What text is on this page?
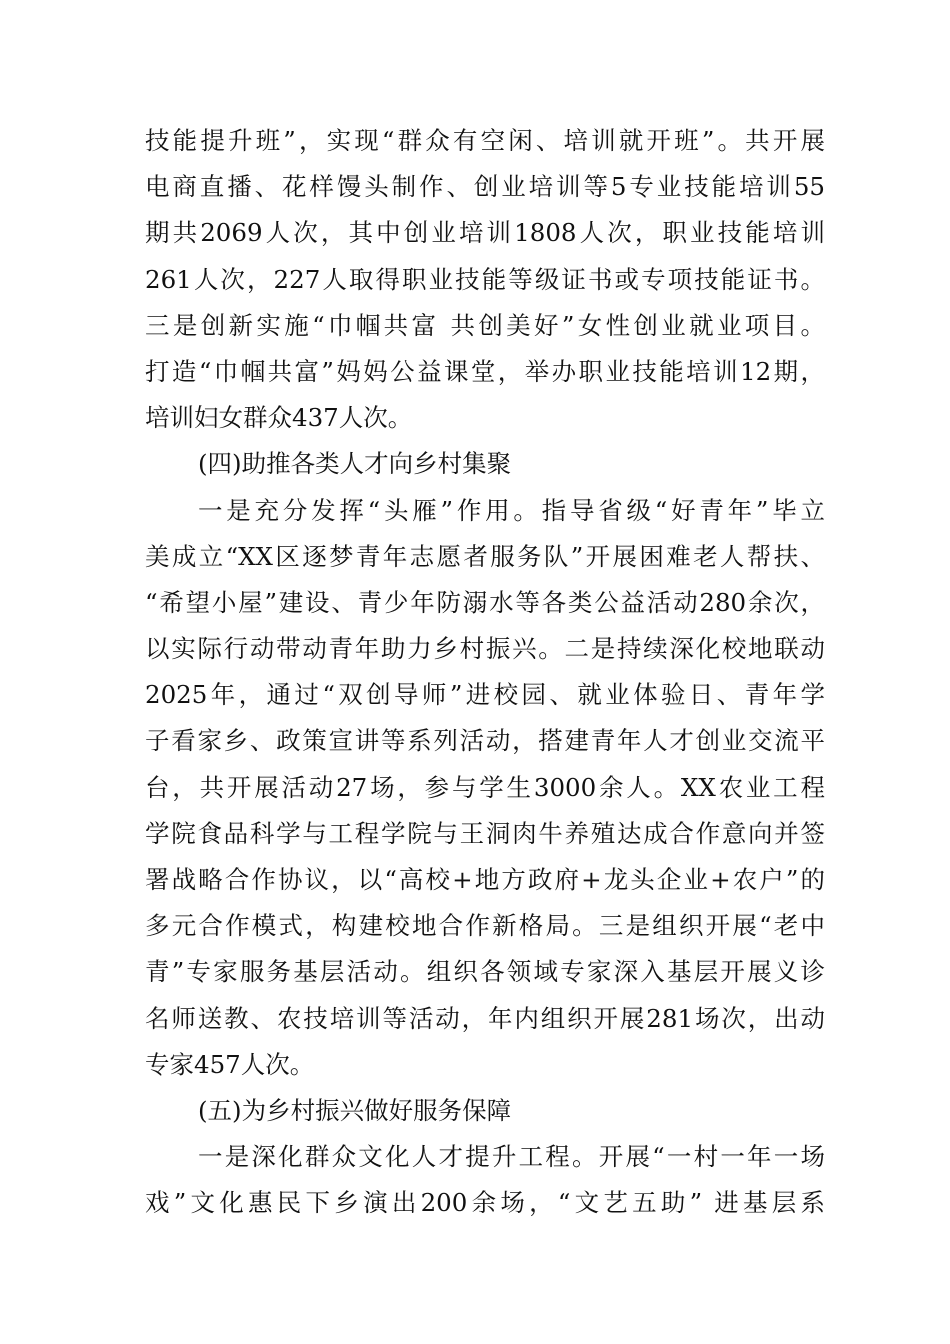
技能提升班”，实现“群众有空闲、培训就开班”。共开展
电商直播、花样馒头制作、创业培训等5专业技能培训55
期共2069人次，其中创业培训1808人次，职业技能培训
261人次，227人取得职业技能等级证书或专项技能证书。
三是创新实施“巾帼共富 共创美好”女性创业就业项目。
打造“巾帼共富”妈妈公益课堂，举办职业技能培训12期，
培训妇女群众437人次。
(四)助推各类人才向乡村集聚
一是充分发挥“头雁”作用。指导省级“好青年”毕立
美成立“XX区逐梦青年志愿者服务队”开展困难老人帮扶、
“希望小屋”建设、青少年防溺水等各类公益活动280余次，
以实际行动带动青年助力乡村振兴。二是持续深化校地联动
2025年，通过“双创导师”进校园、就业体验日、青年学
子看家乡、政策宣讲等系列活动，搭建青年人才创业交流平
台，共开展活动27场，参与学生3000余人。XX农业工程
学院食品科学与工程学院与王洞肉牛养殖达成合作意向并签
署战略合作协议，以“高校+地方政府+龙头企业+农户”的
多元合作模式，构建校地合作新格局。三是组织开展“老中
青”专家服务基层活动。组织各领域专家深入基层开展义诊
名师送教、农技培训等活动，年内组织开展281场次，出动
专家457人次。
(五)为乡村振兴做好服务保障
一是深化群众文化人才提升工程。开展“一村一年一场
戏”文化惠民下乡演出200余场，“文艺五助” 进基层系
